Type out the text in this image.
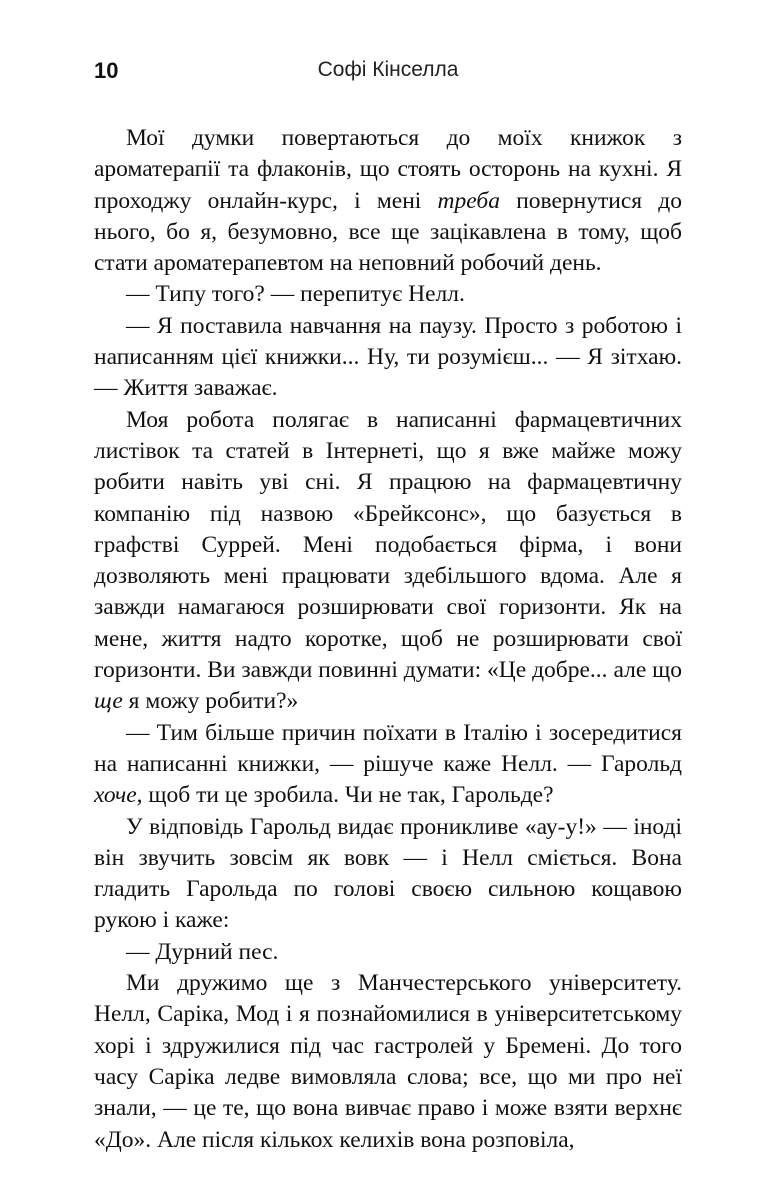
10	Софі Кінселла

Мої думки повертаються до моїх книжок з ароматерапії та флаконів, що стоять осторонь на кухні. Я проходжу онлайн-курс, і мені треба повернутися до нього, бо я, безумовно, все ще зацікавлена в тому, щоб стати ароматерапевтом на неповний робочий день.

— Типу того? — перепитує Нелл.

— Я поставила навчання на паузу. Просто з роботою і написанням цієї книжки... Ну, ти розумієш... — Я зітхаю. — Життя заважає.

Моя робота полягає в написанні фармацевтичних листівок та статей в Інтернеті, що я вже майже можу робити навіть уві сні. Я працюю на фармацевтичну компанію під назвою «Брейксонс», що базується в графстві Суррей. Мені подобається фірма, і вони дозволяють мені працювати здебільшого вдома. Але я завжди намагаюся розширювати свої горизонти. Як на мене, життя надто коротке, щоб не розширювати свої горизонти. Ви завжди повинні думати: «Це добре... але що ще я можу робити?»

— Тим більше причин поїхати в Італію і зосередитися на написанні книжки, — рішуче каже Нелл. — Гарольд хоче, щоб ти це зробила. Чи не так, Гарольде?

У відповідь Гарольд видає проникливе «ау-у!» — іноді він звучить зовсім як вовк — і Нелл сміється. Вона гладить Гарольда по голові своєю сильною кощавою рукою і каже:

— Дурний пес.

Ми дружимо ще з Манчестерського університету. Нелл, Саріка, Мод і я познайомилися в університетському хорі і здружилися під час гастролей у Бремені. До того часу Саріка ледве вимовляла слова; все, що ми про неї знали, — це те, що вона вивчає право і може взяти верхнє «До». Але після кількох келихів вона розповіла,
